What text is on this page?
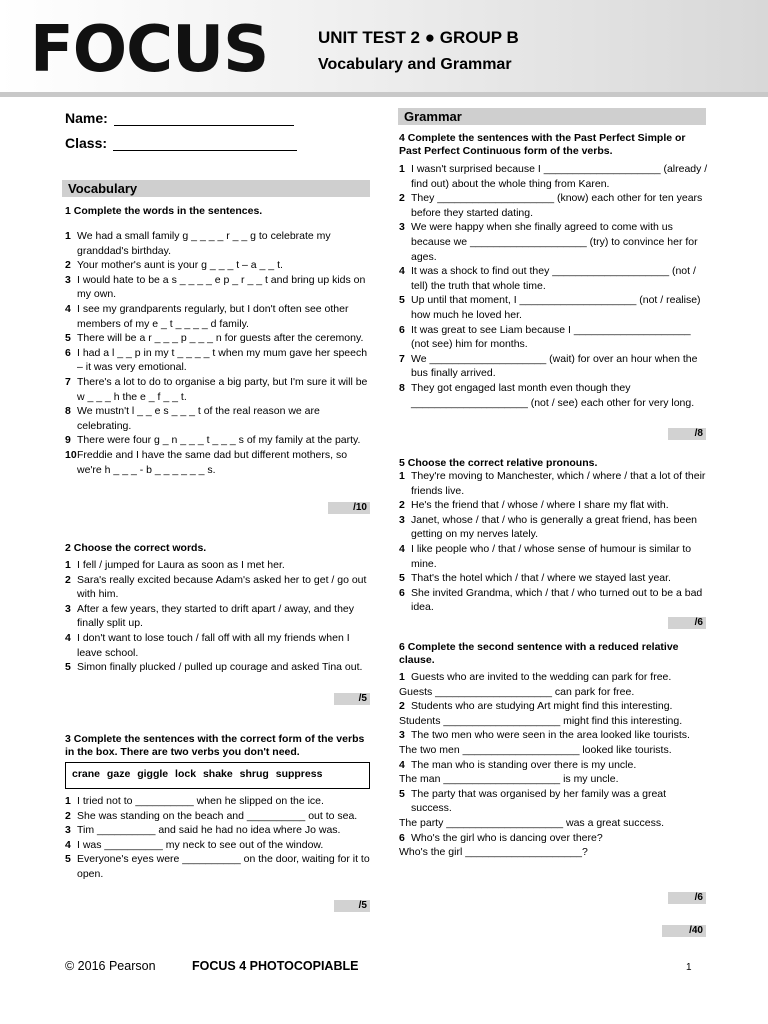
FOCUS	UNIT TEST 2 ● GROUP B
Vocabulary and Grammar
Name:
Class:
Vocabulary
1 Complete the words in the sentences.
1 We had a small family g _ _ _ _ r _ _ g to celebrate my granddad's birthday.
2 Your mother's aunt is your g _ _ _ t – a _ _ t.
3 I would hate to be a s _ _ _ _ e p _ r _ _ t and bring up kids on my own.
4 I see my grandparents regularly, but I don't often see other members of my e _ t _ _ _ _ d family.
5 There will be a r _ _ _ p _ _ _ n for guests after the ceremony.
6 I had a l _ _ p in my t _ _ _ _ t when my mum gave her speech – it was very emotional.
7 There's a lot to do to organise a big party, but I'm sure it will be w _ _ _ h the e _ f _ _ t.
8 We mustn't l _ _ e s _ _ _ t of the real reason we are celebrating.
9 There were four g _ n _ _ _ t _ _ _ s of my family at the party.
10 Freddie and I have the same dad but different mothers, so we're h _ _ _ - b _ _ _ _ _ _ s.
/10
2 Choose the correct words.
1 I fell / jumped for Laura as soon as I met her.
2 Sara's really excited because Adam's asked her to get / go out with him.
3 After a few years, they started to drift apart / away, and they finally split up.
4 I don't want to lose touch / fall off with all my friends when I leave school.
5 Simon finally plucked / pulled up courage and asked Tina out.
/5
3 Complete the sentences with the correct form of the verbs in the box. There are two verbs you don't need.
crane gaze giggle lock shake shrug suppress
1 I tried not to __________ when he slipped on the ice.
2 She was standing on the beach and __________ out to sea.
3 Tim __________ and said he had no idea where Jo was.
4 I was __________ my neck to see out of the window.
5 Everyone's eyes were __________ on the door, waiting for it to open.
/5
Grammar
4 Complete the sentences with the Past Perfect Simple or Past Perfect Continuous form of the verbs.
1 I wasn't surprised because I ____________________ (already / find out) about the whole thing from Karen.
2 They ____________________ (know) each other for ten years before they started dating.
3 We were happy when she finally agreed to come with us because we ____________________ (try) to convince her for ages.
4 It was a shock to find out they ____________________ (not / tell) the truth that whole time.
5 Up until that moment, I ____________________ (not / realise) how much he loved her.
6 It was great to see Liam because I ____________________ (not see) him for months.
7 We ____________________ (wait) for over an hour when the bus finally arrived.
8 They got engaged last month even though they ____________________ (not / see) each other for very long.
/8
5 Choose the correct relative pronouns.
1 They're moving to Manchester, which / where / that a lot of their friends live.
2 He's the friend that / whose / where I share my flat with.
3 Janet, whose / that / who is generally a great friend, has been getting on my nerves lately.
4 I like people who / that / whose sense of humour is similar to mine.
5 That's the hotel which / that / where we stayed last year.
6 She invited Grandma, which / that / who turned out to be a bad idea.
/6
6 Complete the second sentence with a reduced relative clause.
1 Guests who are invited to the wedding can park for free.
Guests ____________________ can park for free.
2 Students who are studying Art might find this interesting.
Students ____________________ might find this interesting.
3 The two men who were seen in the area looked like tourists.
The two men ____________________ looked like tourists.
4 The man who is standing over there is my uncle.
The man ____________________ is my uncle.
5 The party that was organised by her family was a great success.
The party ____________________ was a great success.
6 Who's the girl who is dancing over there?
Who's the girl ____________________?
/6
/40
© 2016 Pearson	FOCUS 4 PHOTOCOPIABLE	1
